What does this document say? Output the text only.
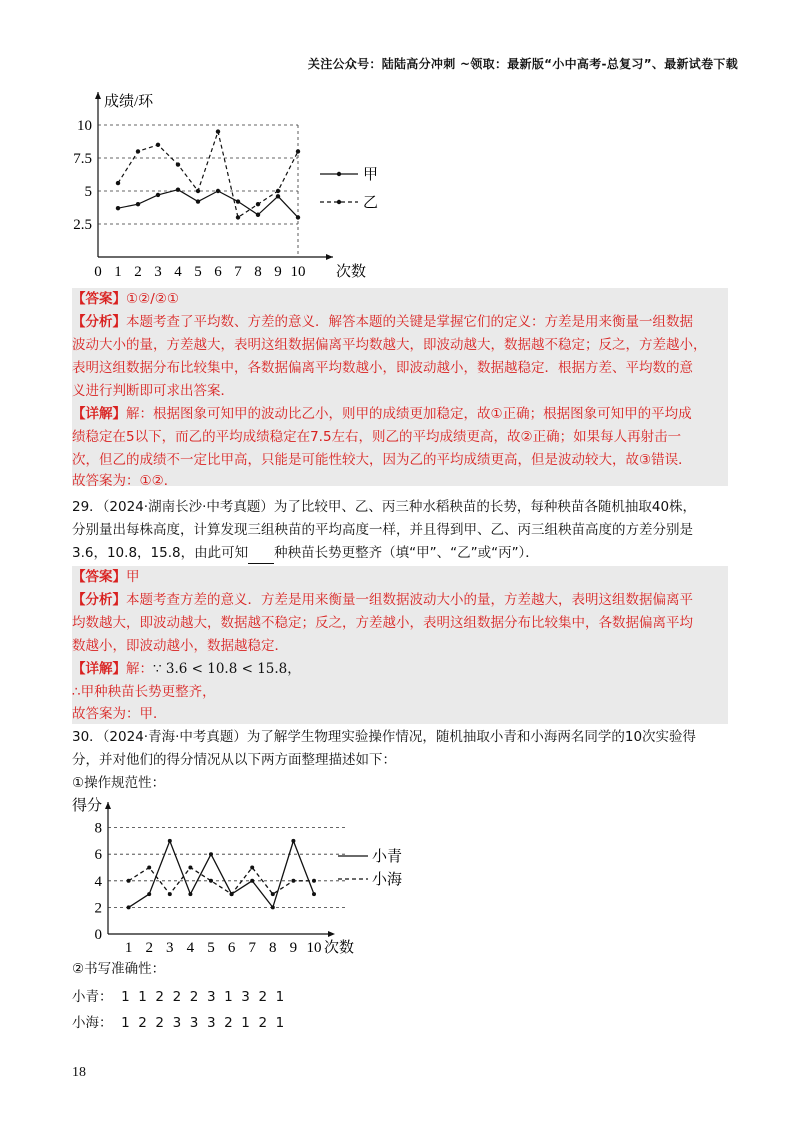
关注公众号：陆陆高分冲刺 ~领取：最新版“小中高考-总复习”、最新试卷下载
成绩/环
次数
10
7.5
5
2.5
0 1 2 3 4 5 6 7 8 9 10
甲
乙
【答案】①②/②①
【分析】本题考查了平均数、方差的意义．解答本题的关键是掌握它们的定义：方差是用来衡量一组数据
波动大小的量，方差越大，表明这组数据偏离平均数越大，即波动越大，数据越不稳定；反之，方差越小，
表明这组数据分布比较集中，各数据偏离平均数越小，即波动越小，数据越稳定．根据方差、平均数的意
义进行判断即可求出答案．
【详解】解：根据图象可知甲的波动比乙小，则甲的成绩更加稳定，故①正确；根据图象可知甲的平均成
绩稳定在5以下，而乙的平均成绩稳定在7.5左右，则乙的平均成绩更高，故②正确；如果每人再射击一
次，但乙的成绩不一定比甲高，只能是可能性较大，因为乙的平均成绩更高，但是波动较大，故③错误．
故答案为：①②．
29．（2024·湖南长沙·中考真题）为了比较甲、乙、丙三种水稻秧苗的长势，每种秧苗各随机抽取40株，
分别量出每株高度，计算发现三组秧苗的平均高度一样，并且得到甲、乙、丙三组秧苗高度的方差分别是
3.6，10.8，15.8，由此可知 种秧苗长势更整齐（填“甲”、“乙”或“丙”）．
【答案】甲
【分析】本题考查方差的意义．方差是用来衡量一组数据波动大小的量，方差越大，表明这组数据偏离平
均数越大，即波动越大，数据越不稳定；反之，方差越小，表明这组数据分布比较集中，各数据偏离平均
数越小，即波动越小，数据越稳定．
【详解】解：∵ 3.6 < 10.8 < 15.8，
∴甲种秧苗长势更整齐，
故答案为：甲．
30．（2024·青海·中考真题）为了解学生物理实验操作情况，随机抽取小青和小海两名同学的10次实验得
分，并对他们的得分情况从以下两方面整理描述如下：
①操作规范性：
得分
次数
8
6
4
2
0
1 2 3 4 5 6 7 8 9 10
小青
小海
②书写准确性：
小青：  1  1  2  2  2  3  1  3  2  1
小海：  1  2  2  3  3  3  2  1  2  1
18
